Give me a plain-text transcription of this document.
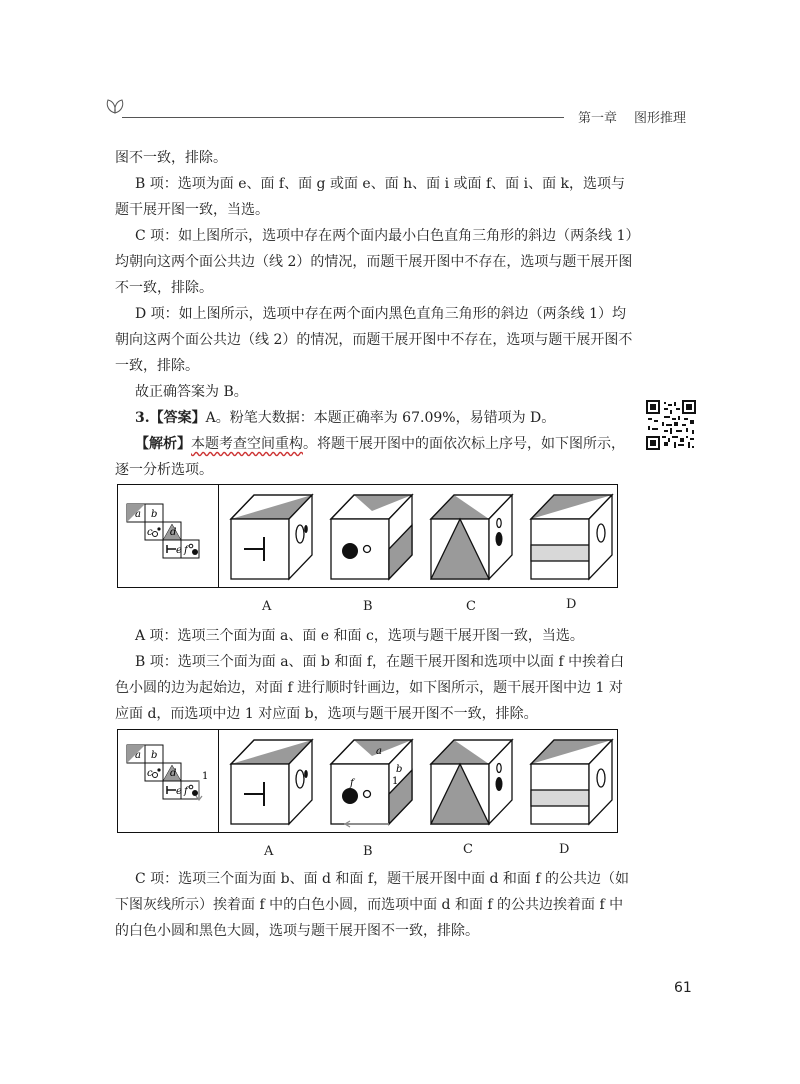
第一章 图形推理

图不一致，排除。

B 项：选项为面 e、面 f、面 g 或面 e、面 h、面 i 或面 f、面 i、面 k，选项与题干展开图一致，当选。

C 项：如上图所示，选项中存在两个面内最小白色直角三角形的斜边（两条线 1）均朝向这两个面公共边（线 2）的情况，而题干展开图中不存在，选项与题干展开图不一致，排除。

D 项：如上图所示，选项中存在两个面内黑色直角三角形的斜边（两条线 1）均朝向这两个面公共边（线 2）的情况，而题干展开图中不存在，选项与题干展开图不一致，排除。

故正确答案为 B。

3.【答案】A。粉笔大数据：本题正确率为 67.09%，易错项为 D。

【解析】本题考查空间重构。将题干展开图中的面依次标上序号，如下图所示，逐一分析选项。

a b
c d
e f
A	B	C	D

A 项：选项三个面为面 a、面 e 和面 c，选项与题干展开图一致，当选。

B 项：选项三个面为面 a、面 b 和面 f，在题干展开图和选项中以面 f 中挨着白色小圆的边为起始边，对面 f 进行顺时针画边，如下图所示，题干展开图中边 1 对应面 d，而选项中边 1 对应面 b，选项与题干展开图不一致，排除。

a b
c d
e f
1
a
f
b
1
A	B	C	D

C 项：选项三个面为面 b、面 d 和面 f，题干展开图中面 d 和面 f 的公共边（如下图灰线所示）挨着面 f 中的白色小圆，而选项中面 d 和面 f 的公共边挨着面 f 中的白色小圆和黑色大圆，选项与题干展开图不一致，排除。

61
